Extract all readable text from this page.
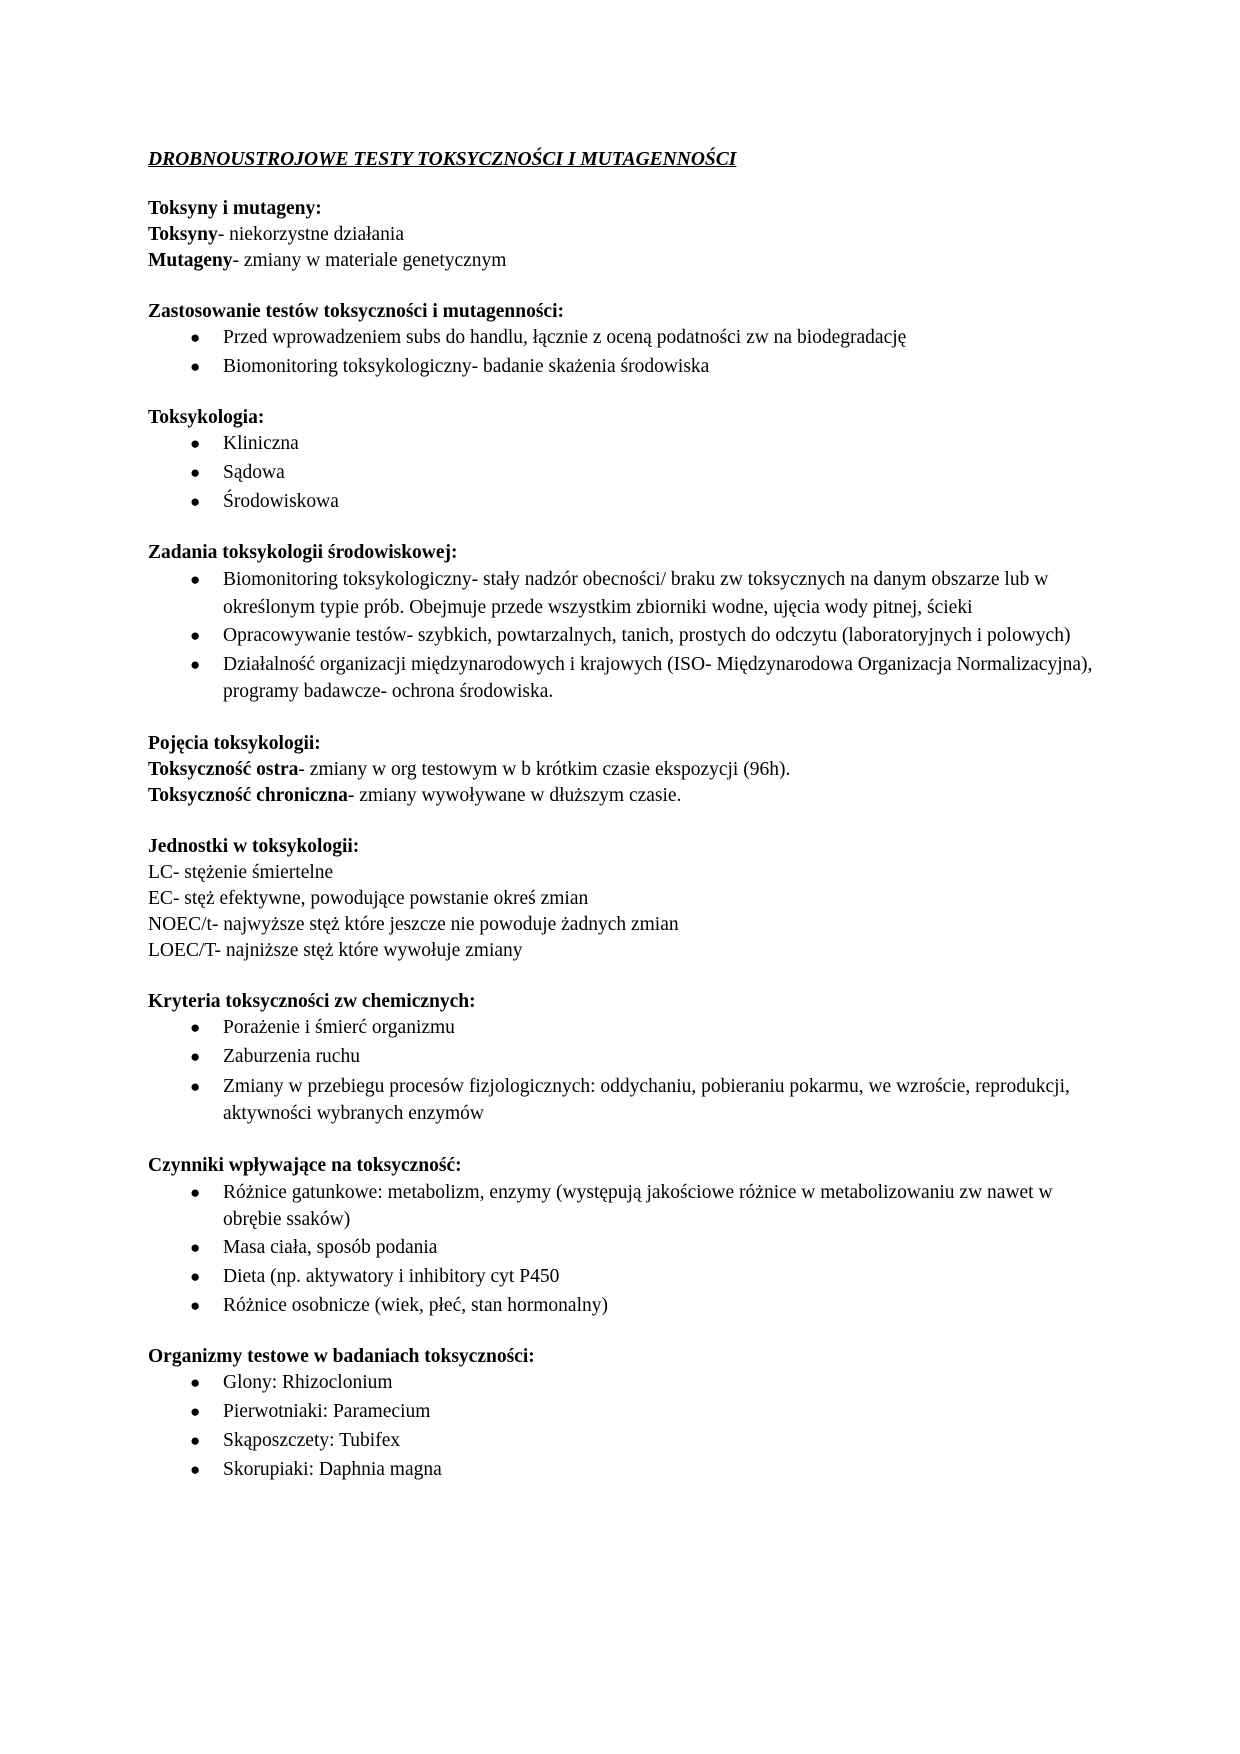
DROBNOUSTROJOWE TESTY TOKSYCZNOŚCI I MUTAGENNOŚCI

Toksyny i mutageny:

Toksyny- niekorzystne działania

Mutageny- zmiany w materiale genetycznym

Zastosowanie testów toksyczności i mutagenności:

● Przed wprowadzeniem subs do handlu, łącznie z oceną podatności zw na biodegradację
● Biomonitoring toksykologiczny- badanie skażenia środowiska

Toksykologia:

● Kliniczna
● Sądowa
● Środowiskowa

Zadania toksykologii środowiskowej:

● Biomonitoring toksykologiczny- stały nadzór obecności/ braku zw toksycznych na danym obszarze lub w określonym typie prób. Obejmuje przede wszystkim zbiorniki wodne, ujęcia wody pitnej, ścieki
● Opracowywanie testów- szybkich, powtarzalnych, tanich, prostych do odczytu (laboratoryjnych i polowych)
● Działalność organizacji międzynarodowych i krajowych (ISO- Międzynarodowa Organizacja Normalizacyjna), programy badawcze- ochrona środowiska.

Pojęcia toksykologii:

Toksyczność ostra- zmiany w org testowym w b krótkim czasie ekspozycji (96h).

Toksyczność chroniczna- zmiany wywoływane w dłuższym czasie.

Jednostki w toksykologii:

LC- stężenie śmiertelne

EC- stęż efektywne, powodujące powstanie okreś zmian

NOEC/t- najwyższe stęż które jeszcze nie powoduje żadnych zmian

LOEC/T- najniższe stęż które wywołuje zmiany

Kryteria toksyczności zw chemicznych:

● Porażenie i śmierć organizmu
● Zaburzenia ruchu
● Zmiany w przebiegu procesów fizjologicznych: oddychaniu, pobieraniu pokarmu, we wzroście, reprodukcji, aktywności wybranych enzymów

Czynniki wpływające na toksyczność:

● Różnice gatunkowe: metabolizm, enzymy (występują jakościowe różnice w metabolizowaniu zw nawet w obrębie ssaków)
● Masa ciała, sposób podania
● Dieta (np. aktywatory i inhibitory cyt P450
● Różnice osobnicze (wiek, płeć, stan hormonalny)

Organizmy testowe w badaniach toksyczności:

● Glony: Rhizoclonium
● Pierwotniaki: Paramecium
● Skąposzczety: Tubifex
● Skorupiaki: Daphnia magna
